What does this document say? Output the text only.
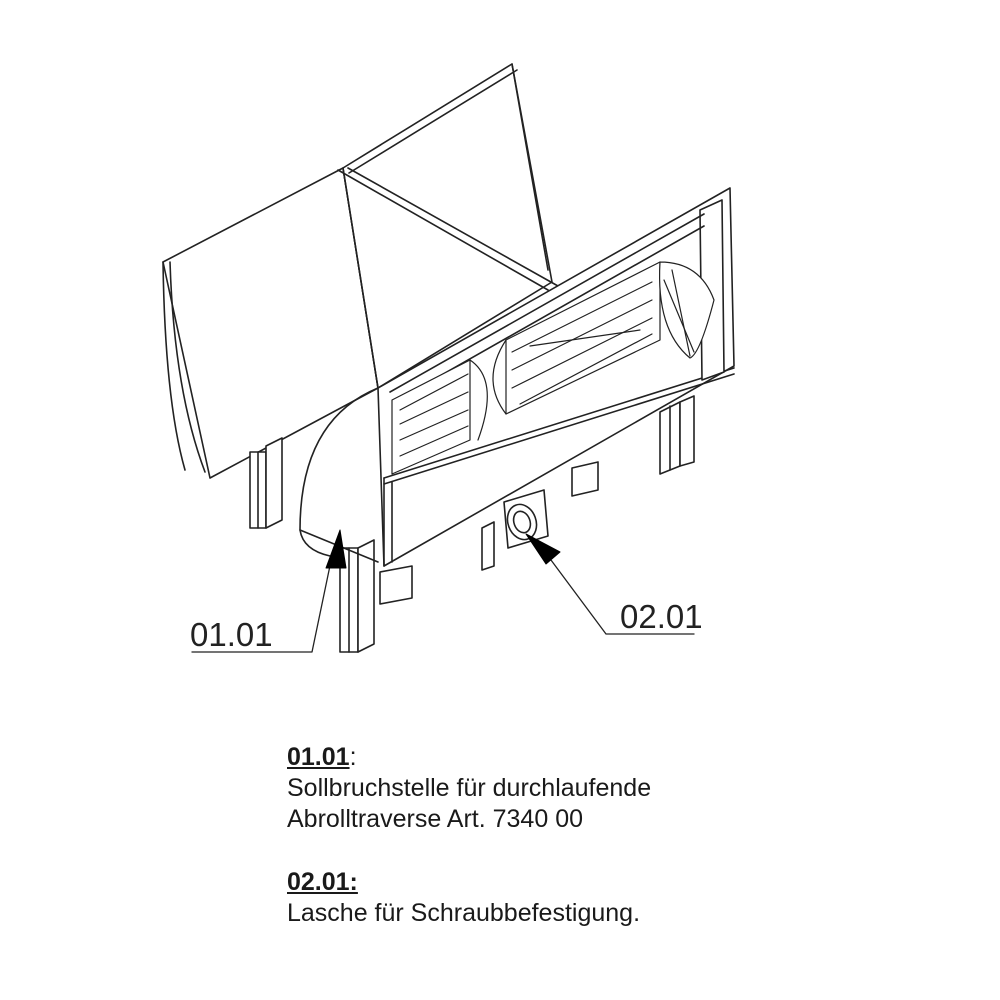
01.01	02.01
01.01:
Sollbruchstelle für durchlaufende
Abrolltraverse Art. 7340 00
02.01:
Lasche für Schraubbefestigung.
